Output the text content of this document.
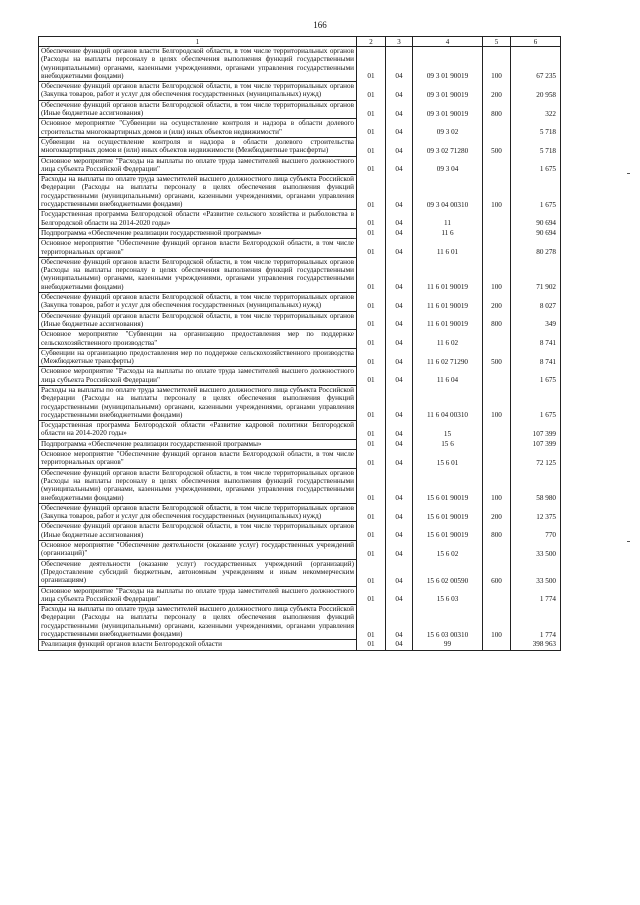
166
1	2	3	4	5	6
Обеспечение функций органов власти Белгородской области, в том числе территориальных органов (Расходы на выплаты персоналу в целях обеспечения выполнения функций государственными (муниципальными) органами, казенными учреждениями, органами управления государственными внебюджетными фондами)	01	04	09 3 01 90019	100	67 235
Обеспечение функций органов власти Белгородской области, в том числе территориальных органов (Закупка товаров, работ и услуг для обеспечения государственных (муниципальных) нужд)	01	04	09 3 01 90019	200	20 958
Обеспечение функций органов власти Белгородской области, в том числе территориальных органов (Иные бюджетные ассигнования)	01	04	09 3 01 90019	800	322
Основное мероприятие "Субвенции на осуществление контроля и надзора в области долевого строительства многоквартирных домов и (или) иных объектов недвижимости"	01	04	09 3 02		5 718
Субвенции на осуществление контроля и надзора в области долевого строительства многоквартирных домов и (или) иных объектов недвижимости (Межбюджетные трансферты)	01	04	09 3 02 71280	500	5 718
Основное мероприятие "Расходы на выплаты по оплате труда заместителей высшего должностного лица субъекта Российской Федерации"	01	04	09 3 04		1 675
Расходы на выплаты по оплате труда заместителей высшего должностного лица субъекта Российской Федерации (Расходы на выплаты персоналу в целях обеспечения выполнения функций государственными (муниципальными) органами, казенными учреждениями, органами управления государственными внебюджетными фондами)	01	04	09 3 04 00310	100	1 675
Государственная программа Белгородской области «Развитие сельского хозяйства и рыболовства в Белгородской области на 2014-2020 годы»	01	04	11		90 694
Подпрограмма «Обеспечение реализации государственной программы»	01	04	11 6		90 694
Основное мероприятие "Обеспечение функций органов власти Белгородской области, в том числе территориальных органов"	01	04	11 6 01		80 278
Обеспечение функций органов власти Белгородской области, в том числе территориальных органов (Расходы на выплаты персоналу в целях обеспечения выполнения функций государственными (муниципальными) органами, казенными учреждениями, органами управления государственными внебюджетными фондами)	01	04	11 6 01 90019	100	71 902
Обеспечение функций органов власти Белгородской области, в том числе территориальных органов (Закупка товаров, работ и услуг для обеспечения государственных (муниципальных) нужд)	01	04	11 6 01 90019	200	8 027
Обеспечение функций органов власти Белгородской области, в том числе территориальных органов (Иные бюджетные ассигнования)	01	04	11 6 01 90019	800	349
Основное мероприятие "Субвенции на организацию предоставления мер по поддержке сельскохозяйственного производства"	01	04	11 6 02		8 741
Субвенции на организацию предоставления мер по поддержке сельскохозяйственного производства (Межбюджетные трансферты)	01	04	11 6 02 71290	500	8 741
Основное мероприятие "Расходы на выплаты по оплате труда заместителей высшего должностного лица субъекта Российской Федерации"	01	04	11 6 04		1 675
Расходы на выплаты по оплате труда заместителей высшего должностного лица субъекта Российской Федерации (Расходы на выплаты персоналу в целях обеспечения выполнения функций государственными (муниципальными) органами, казенными учреждениями, органами управления государственными внебюджетными фондами)	01	04	11 6 04 00310	100	1 675
Государственная программа Белгородской области «Развитие кадровой политики Белгородской области на 2014-2020 годы»	01	04	15		107 399
Подпрограмма «Обеспечение реализации государственной программы»	01	04	15 6		107 399
Основное мероприятие "Обеспечение функций органов власти Белгородской области, в том числе территориальных органов"	01	04	15 6 01		72 125
Обеспечение функций органов власти Белгородской области, в том числе территориальных органов (Расходы на выплаты персоналу в целях обеспечения выполнения функций государственными (муниципальными) органами, казенными учреждениями, органами управления государственными внебюджетными фондами)	01	04	15 6 01 90019	100	58 980
Обеспечение функций органов власти Белгородской области, в том числе территориальных органов (Закупка товаров, работ и услуг для обеспечения государственных (муниципальных) нужд)	01	04	15 6 01 90019	200	12 375
Обеспечение функций органов власти Белгородской области, в том числе территориальных органов (Иные бюджетные ассигнования)	01	04	15 6 01 90019	800	770
Основное мероприятие "Обеспечение деятельности (оказание услуг) государственных учреждений (организаций)"	01	04	15 6 02		33 500
Обеспечение деятельности (оказание услуг) государственных учреждений (организаций) (Предоставление субсидий бюджетным, автономным учреждениям и иным некоммерческим организациям)	01	04	15 6 02 00590	600	33 500
Основное мероприятие "Расходы на выплаты по оплате труда заместителей высшего должностного лица субъекта Российской Федерации"	01	04	15 6 03		1 774
Расходы на выплаты по оплате труда заместителей высшего должностного лица субъекта Российской Федерации (Расходы на выплаты персоналу в целях обеспечения выполнения функций государственными (муниципальными) органами, казенными учреждениями, органами управления государственными внебюджетными фондами)	01	04	15 6 03 00310	100	1 774
Реализация функций органов власти Белгородской области	01	04	99		398 963
